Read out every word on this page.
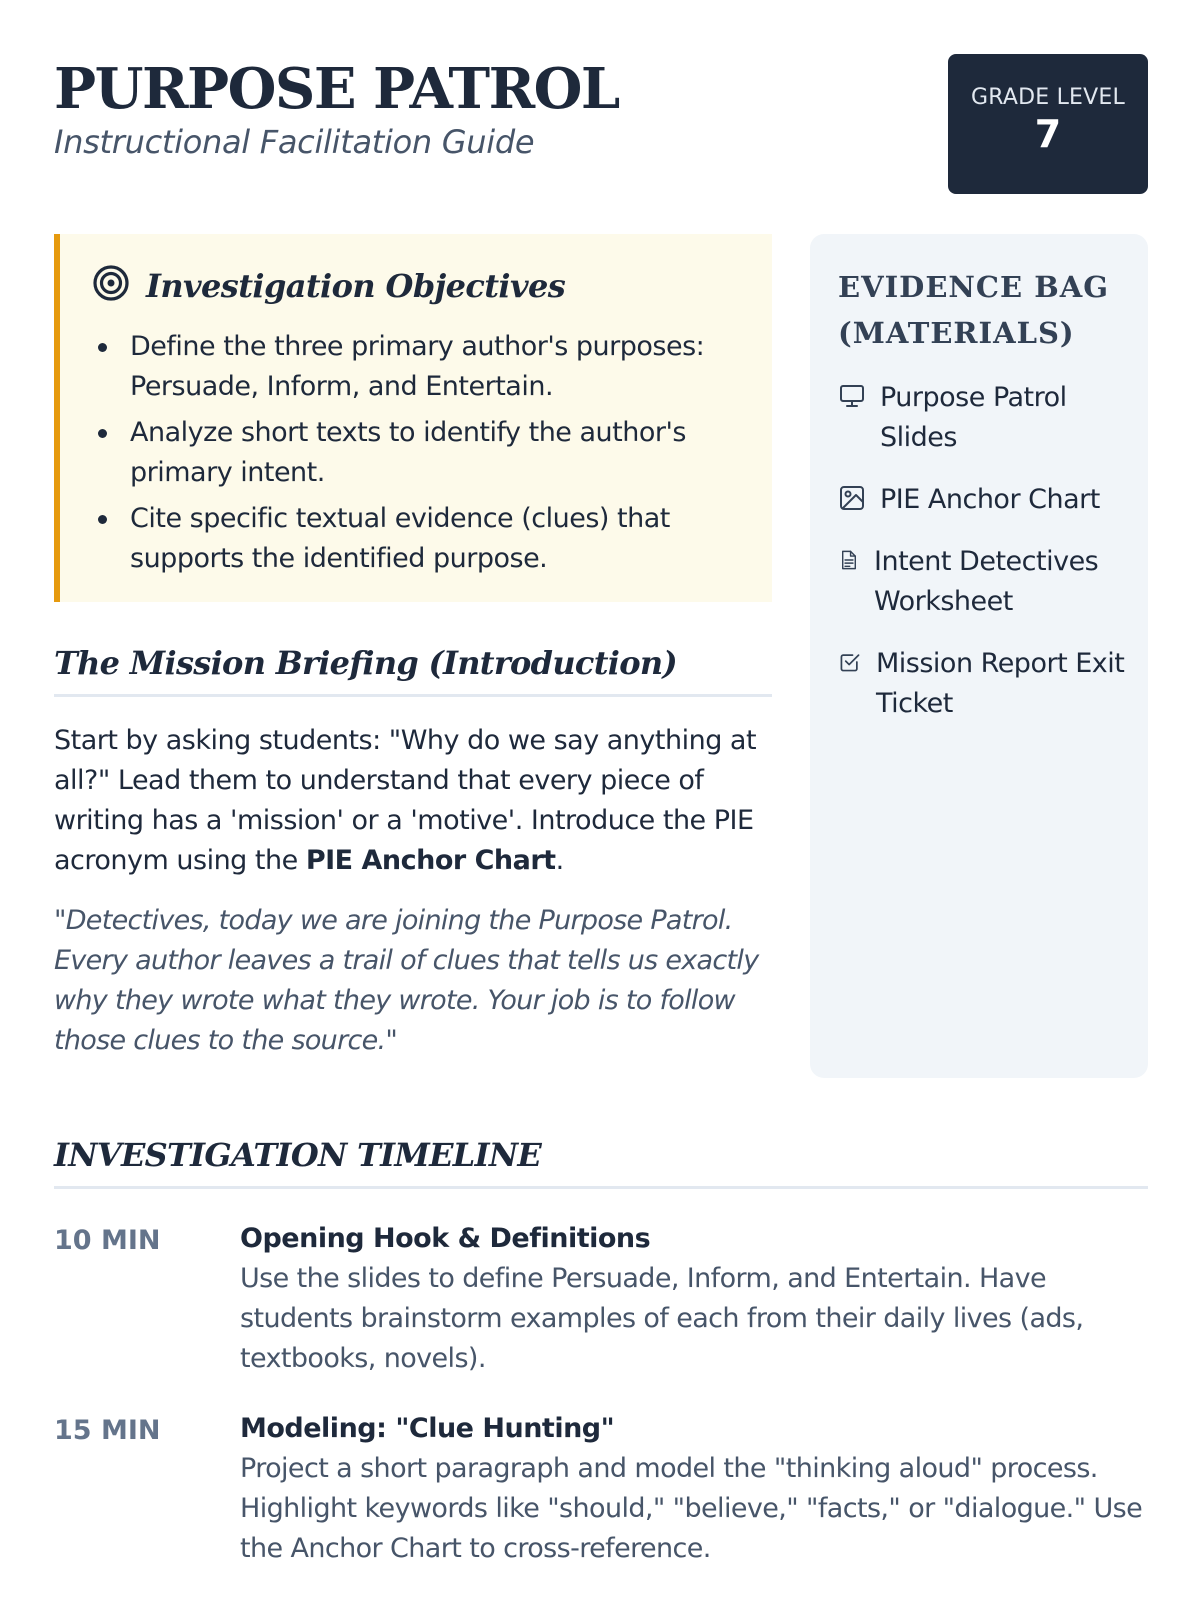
PURPOSE PATROL
Instructional Facilitation Guide
GRADE LEVEL
7
Investigation Objectives
Define the three primary author's purposes: Persuade, Inform, and Entertain.
Analyze short texts to identify the author's primary intent.
Cite specific textual evidence (clues) that supports the identified purpose.
The Mission Briefing (Introduction)

Start by asking students: "Why do we say anything at all?" Lead them to understand that every piece of writing has a 'mission' or a 'motive'. Introduce the PIE acronym using the PIE Anchor Chart.

"Detectives, today we are joining the Purpose Patrol. Every author leaves a trail of clues that tells us exactly why they wrote what they wrote. Your job is to follow those clues to the source."

EVIDENCE BAG (MATERIALS)
Purpose Patrol Slides
PIE Anchor Chart
Intent Detectives Worksheet
Mission Report Exit Ticket
INVESTIGATION TIMELINE
10 MIN	Opening Hook & Definitions
Use the slides to define Persuade, Inform, and Entertain. Have students brainstorm examples of each from their daily lives (ads, textbooks, novels).
15 MIN	Modeling: "Clue Hunting"
Project a short paragraph and model the "thinking aloud" process. Highlight keywords like "should," "believe," "facts," or "dialogue." Use the Anchor Chart to cross-reference.
